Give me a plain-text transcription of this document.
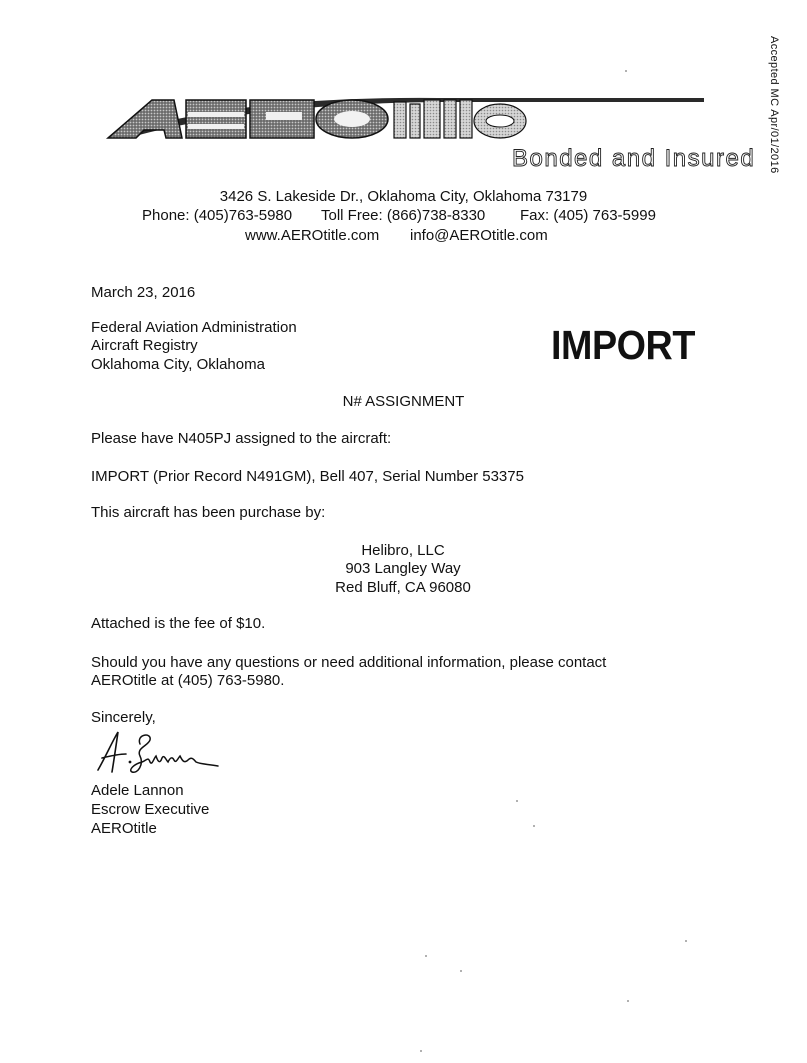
Accepted MC Apr/01/2016
Bonded and Insured
3426 S. Lakeside Dr., Oklahoma City, Oklahoma 73179
Phone: (405)763-5980 Toll Free: (866)738-8330 Fax: (405) 763-5999
www.AEROtitle.com info@AEROtitle.com
March 23, 2016
Federal Aviation Administration
Aircraft Registry
Oklahoma City, Oklahoma	IMPORT
N# ASSIGNMENT
Please have N405PJ assigned to the aircraft:
IMPORT (Prior Record N491GM), Bell 407, Serial Number 53375
This aircraft has been purchase by:
Helibro, LLC
903 Langley Way
Red Bluff, CA 96080
Attached is the fee of $10.
Should you have any questions or need additional information, please contact
AEROtitle at (405) 763-5980.
Sincerely,
Adele Lannon
Escrow Executive
AEROtitle
